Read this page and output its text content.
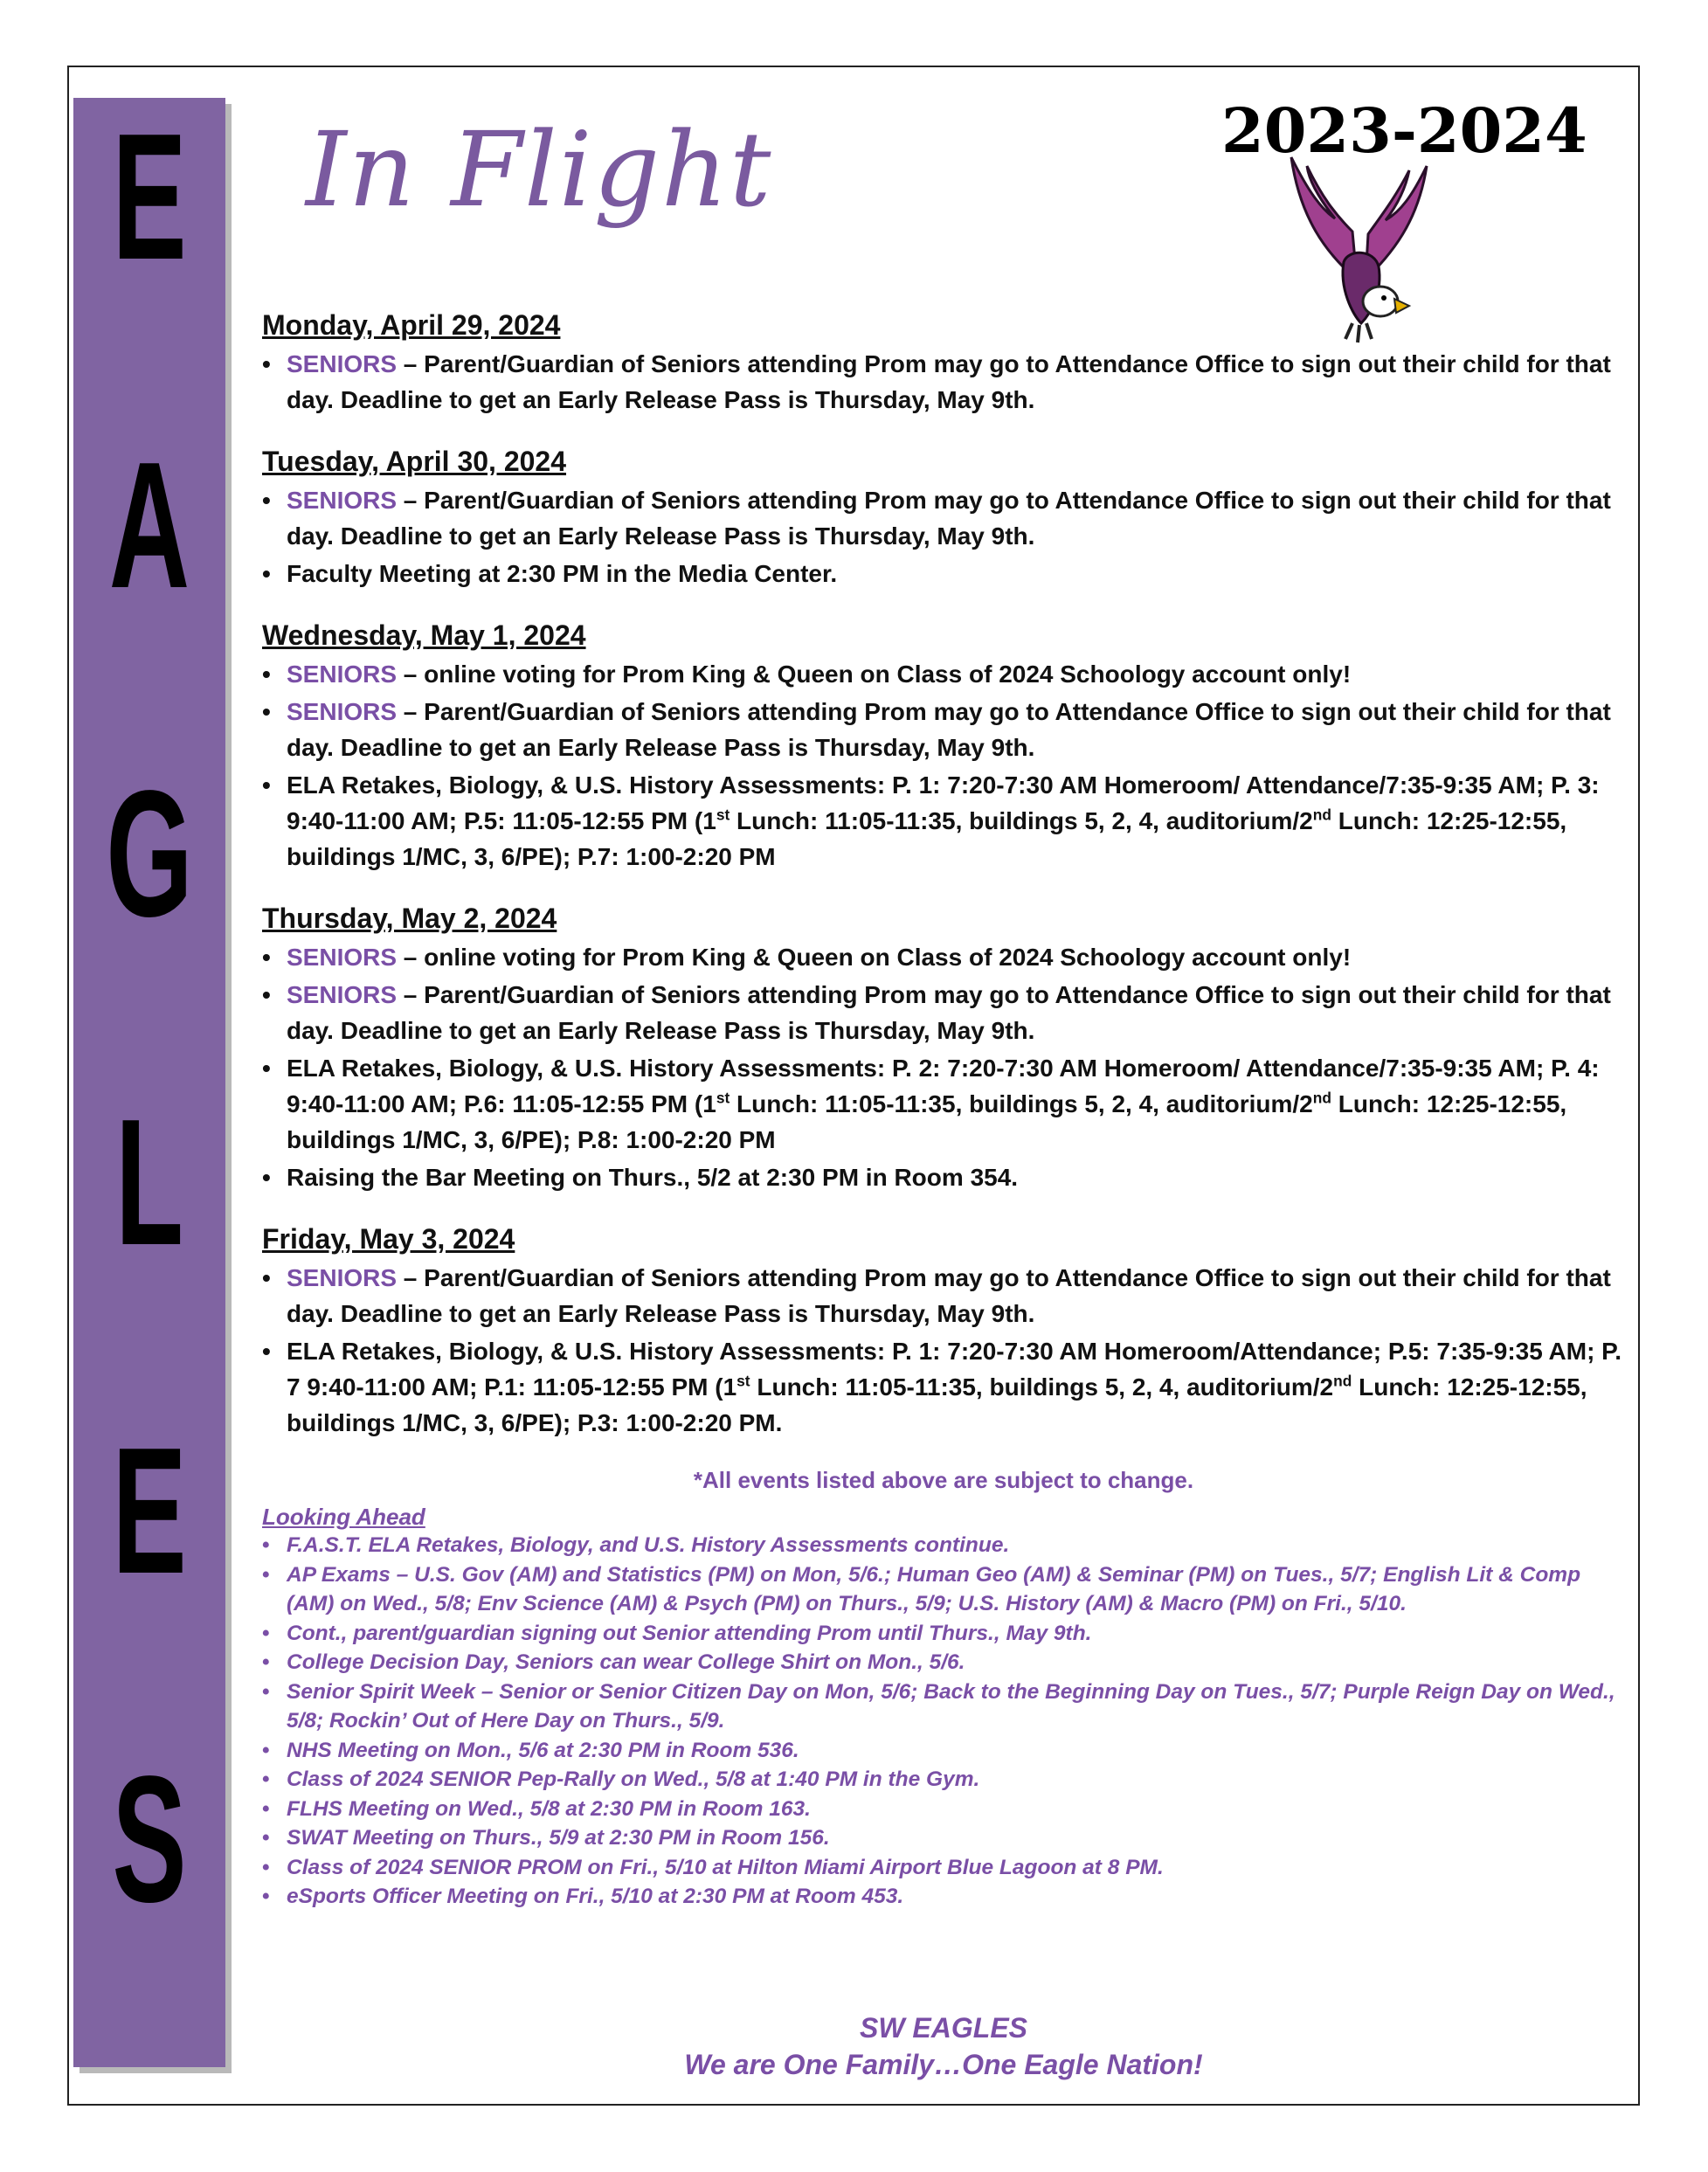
E
A
G
L
E
S
In Flight	2023-2024
Monday, April 29, 2024
• SENIORS – Parent/Guardian of Seniors attending Prom may go to Attendance Office to sign out their child for that day. Deadline to get an Early Release Pass is Thursday, May 9th.
Tuesday, April 30, 2024
• SENIORS – Parent/Guardian of Seniors attending Prom may go to Attendance Office to sign out their child for that day. Deadline to get an Early Release Pass is Thursday, May 9th.
• Faculty Meeting at 2:30 PM in the Media Center.
Wednesday, May 1, 2024
• SENIORS – online voting for Prom King & Queen on Class of 2024 Schoology account only!
• SENIORS – Parent/Guardian of Seniors attending Prom may go to Attendance Office to sign out their child for that day. Deadline to get an Early Release Pass is Thursday, May 9th.
• ELA Retakes, Biology, & U.S. History Assessments: P. 1: 7:20-7:30 AM Homeroom/ Attendance/7:35-9:35 AM; P. 3: 9:40-11:00 AM; P.5: 11:05-12:55 PM (1st Lunch: 11:05-11:35, buildings 5, 2, 4, auditorium/2nd Lunch: 12:25-12:55, buildings 1/MC, 3, 6/PE); P.7: 1:00-2:20 PM
Thursday, May 2, 2024
• SENIORS – online voting for Prom King & Queen on Class of 2024 Schoology account only!
• SENIORS – Parent/Guardian of Seniors attending Prom may go to Attendance Office to sign out their child for that day. Deadline to get an Early Release Pass is Thursday, May 9th.
• ELA Retakes, Biology, & U.S. History Assessments: P. 2: 7:20-7:30 AM Homeroom/ Attendance/7:35-9:35 AM; P. 4: 9:40-11:00 AM; P.6: 11:05-12:55 PM (1st Lunch: 11:05-11:35, buildings 5, 2, 4, auditorium/2nd Lunch: 12:25-12:55, buildings 1/MC, 3, 6/PE); P.8: 1:00-2:20 PM
• Raising the Bar Meeting on Thurs., 5/2 at 2:30 PM in Room 354.
Friday, May 3, 2024
• SENIORS – Parent/Guardian of Seniors attending Prom may go to Attendance Office to sign out their child for that day. Deadline to get an Early Release Pass is Thursday, May 9th.
• ELA Retakes, Biology, & U.S. History Assessments: P. 1: 7:20-7:30 AM Homeroom/Attendance; P.5: 7:35-9:35 AM; P. 7 9:40-11:00 AM; P.1: 11:05-12:55 PM (1st Lunch: 11:05-11:35, buildings 5, 2, 4, auditorium/2nd Lunch: 12:25-12:55, buildings 1/MC, 3, 6/PE); P.3: 1:00-2:20 PM.
*All events listed above are subject to change.
Looking Ahead
• F.A.S.T. ELA Retakes, Biology, and U.S. History Assessments continue.
• AP Exams – U.S. Gov (AM) and Statistics (PM) on Mon, 5/6.; Human Geo (AM) & Seminar (PM) on Tues., 5/7; English Lit & Comp (AM) on Wed., 5/8; Env Science (AM) & Psych (PM) on Thurs., 5/9; U.S. History (AM) & Macro (PM) on Fri., 5/10.
• Cont., parent/guardian signing out Senior attending Prom until Thurs., May 9th.
• College Decision Day, Seniors can wear College Shirt on Mon., 5/6.
• Senior Spirit Week – Senior or Senior Citizen Day on Mon, 5/6; Back to the Beginning Day on Tues., 5/7; Purple Reign Day on Wed., 5/8; Rockin’ Out of Here Day on Thurs., 5/9.
• NHS Meeting on Mon., 5/6 at 2:30 PM in Room 536.
• Class of 2024 SENIOR Pep-Rally on Wed., 5/8 at 1:40 PM in the Gym.
• FLHS Meeting on Wed., 5/8 at 2:30 PM in Room 163.
• SWAT Meeting on Thurs., 5/9 at 2:30 PM in Room 156.
• Class of 2024 SENIOR PROM on Fri., 5/10 at Hilton Miami Airport Blue Lagoon at 8 PM.
• eSports Officer Meeting on Fri., 5/10 at 2:30 PM at Room 453.
SW EAGLES
We are One Family…One Eagle Nation!
